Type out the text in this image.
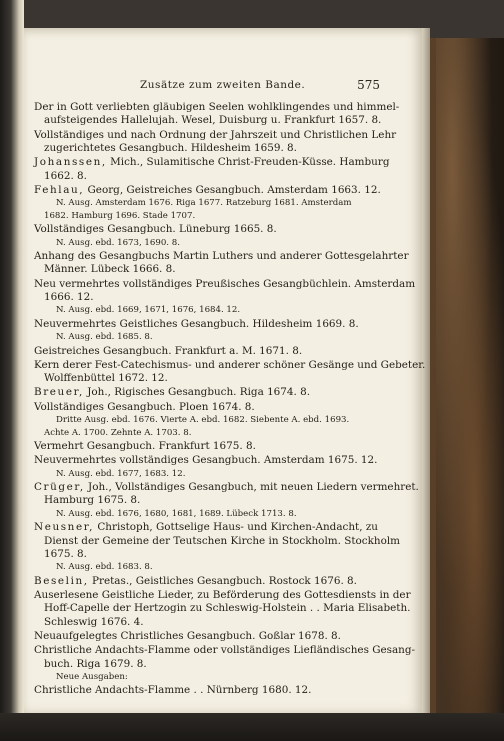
Zusätze zum zweiten Bande.	575
Der in Gott verliebten gläubigen Seelen wohlklingendes und himmel-
aufsteigendes Hallelujah. Wesel, Duisburg u. Frankfurt 1657. 8.
Vollständiges und nach Ordnung der Jahrszeit und Christlichen Lehr
zugerichtetes Gesangbuch. Hildesheim 1659. 8.
Johanssen, Mich., Sulamitische Christ-Freuden-Küsse. Hamburg
1662. 8.
Fehlau, Georg, Geistreiches Gesangbuch. Amsterdam 1663. 12.
N. Ausg. Amsterdam 1676. Riga 1677. Ratzeburg 1681. Amsterdam
1682. Hamburg 1696. Stade 1707.
Vollständiges Gesangbuch. Lüneburg 1665. 8.
N. Ausg. ebd. 1673, 1690. 8.
Anhang des Gesangbuchs Martin Luthers und anderer Gottesgelahrter
Männer. Lübeck 1666. 8.
Neu vermehrtes vollständiges Preußisches Gesangbüchlein. Amsterdam
1666. 12.
N. Ausg. ebd. 1669, 1671, 1676, 1684. 12.
Neuvermehrtes Geistliches Gesangbuch. Hildesheim 1669. 8.
N. Ausg. ebd. 1685. 8.
Geistreiches Gesangbuch. Frankfurt a. M. 1671. 8.
Kern derer Fest-Catechismus- und anderer schöner Gesänge und Gebeter.
Wolffenbüttel 1672. 12.
Breuer, Joh., Rigisches Gesangbuch. Riga 1674. 8.
Vollständiges Gesangbuch. Ploen 1674. 8.
Dritte Ausg. ebd. 1676. Vierte A. ebd. 1682. Siebente A. ebd. 1693.
Achte A. 1700. Zehnte A. 1703. 8.
Vermehrt Gesangbuch. Frankfurt 1675. 8.
Neuvermehrtes vollständiges Gesangbuch. Amsterdam 1675. 12.
N. Ausg. ebd. 1677, 1683. 12.
Crüger, Joh., Vollständiges Gesangbuch, mit neuen Liedern vermehret.
Hamburg 1675. 8.
N. Ausg. ebd. 1676, 1680, 1681, 1689. Lübeck 1713. 8.
Neusner, Christoph, Gottselige Haus- und Kirchen-Andacht, zu
Dienst der Gemeine der Teutschen Kirche in Stockholm. Stockholm
1675. 8.
N. Ausg. ebd. 1683. 8.
Beselin, Pretas., Geistliches Gesangbuch. Rostock 1676. 8.
Auserlesene Geistliche Lieder, zu Beförderung des Gottesdiensts in der
Hoff-Capelle der Hertzogin zu Schleswig-Holstein . . Maria Elisabeth.
Schleswig 1676. 4.
Neuaufgelegtes Christliches Gesangbuch. Goßlar 1678. 8.
Christliche Andachts-Flamme oder vollständiges Liefländisches Gesang-
buch. Riga 1679. 8.
Neue Ausgaben:
Christliche Andachts-Flamme . . Nürnberg 1680. 12.
